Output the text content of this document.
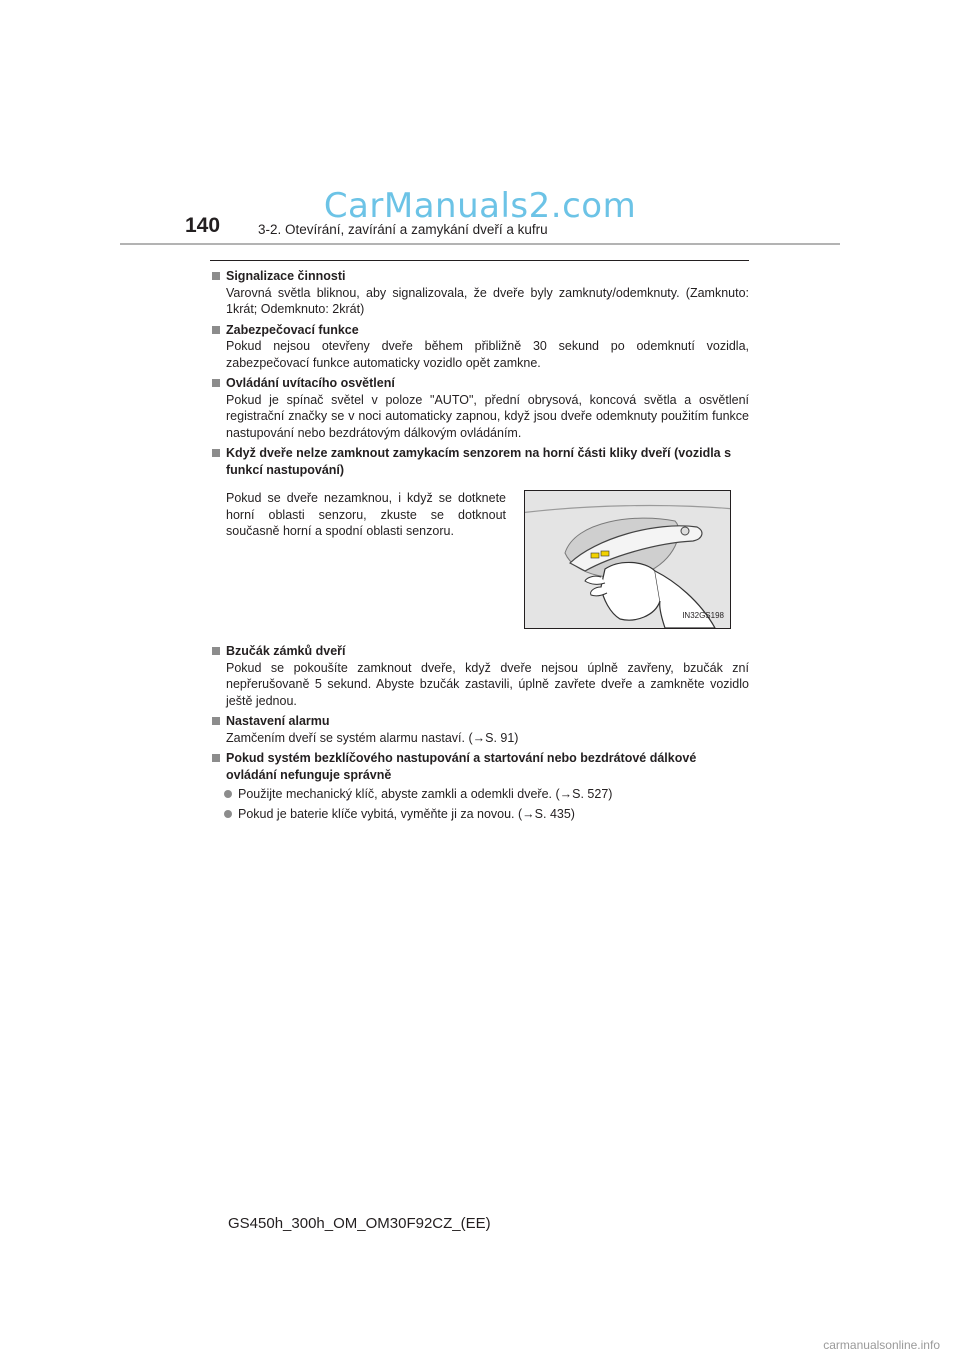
CarManuals2.com
140	3-2. Otevírání, zavírání a zamykání dveří a kufru
Signalizace činnosti
Varovná světla bliknou, aby signalizovala, že dveře byly zamknuty/odemknuty. (Zamknuto: 1krát; Odemknuto: 2krát)
Zabezpečovací funkce
Pokud nejsou otevřeny dveře během přibližně 30 sekund po odemknutí vozidla, zabezpečovací funkce automaticky vozidlo opět zamkne.
Ovládání uvítacího osvětlení
Pokud je spínač světel v poloze "AUTO", přední obrysová, koncová světla a osvětlení registrační značky se v noci automaticky zapnou, když jsou dveře odemknuty použitím funkce nastupování nebo bezdrátovým dálkovým ovládáním.
Když dveře nelze zamknout zamykacím senzorem na horní části kliky dveří (vozidla s funkcí nastupování)
Pokud se dveře nezamknou, i když se dotknete horní oblasti senzoru, zkuste se dotknout současně horní a spodní oblasti senzoru.
IN32GS198
Bzučák zámků dveří
Pokud se pokoušíte zamknout dveře, když dveře nejsou úplně zavřeny, bzučák zní nepřerušovaně 5 sekund. Abyste bzučák zastavili, úplně zavřete dveře a zamkněte vozidlo ještě jednou.
Nastavení alarmu
Zamčením dveří se systém alarmu nastaví. (→S. 91)
Pokud systém bezklíčového nastupování a startování nebo bezdrátové dálkové ovládání nefunguje správně
Použijte mechanický klíč, abyste zamkli a odemkli dveře. (→S. 527)
Pokud je baterie klíče vybitá, vyměňte ji za novou. (→S. 435)
GS450h_300h_OM_OM30F92CZ_(EE)
carmanualsonline.info
